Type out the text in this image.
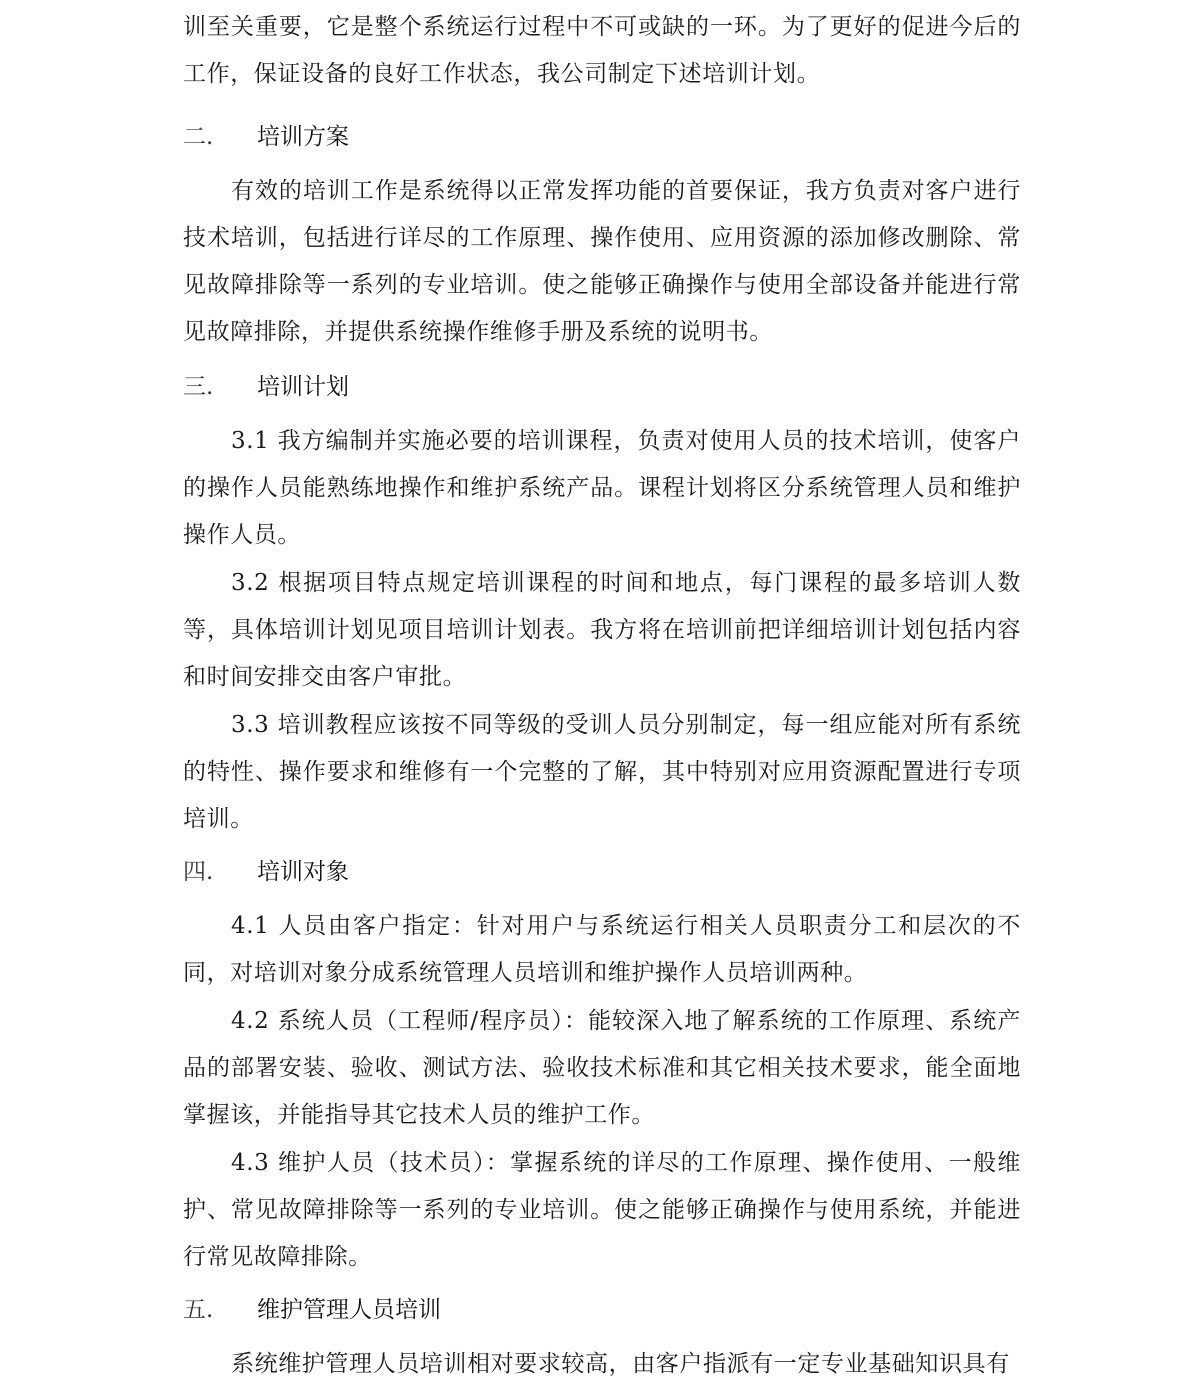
训至关重要，它是整个系统运行过程中不可或缺的一环。为了更好的促进今后的工作，保证设备的良好工作状态，我公司制定下述培训计划。

二. 培训方案

有效的培训工作是系统得以正常发挥功能的首要保证，我方负责对客户进行技术培训，包括进行详尽的工作原理、操作使用、应用资源的添加修改删除、常见故障排除等一系列的专业培训。使之能够正确操作与使用全部设备并能进行常见故障排除，并提供系统操作维修手册及系统的说明书。

三. 培训计划

3.1 我方编制并实施必要的培训课程，负责对使用人员的技术培训，使客户的操作人员能熟练地操作和维护系统产品。课程计划将区分系统管理人员和维护操作人员。

3.2 根据项目特点规定培训课程的时间和地点，每门课程的最多培训人数等，具体培训计划见项目培训计划表。我方将在培训前把详细培训计划包括内容和时间安排交由客户审批。

3.3 培训教程应该按不同等级的受训人员分别制定，每一组应能对所有系统的特性、操作要求和维修有一个完整的了解，其中特别对应用资源配置进行专项培训。

四. 培训对象

4.1 人员由客户指定：针对用户与系统运行相关人员职责分工和层次的不同，对培训对象分成系统管理人员培训和维护操作人员培训两种。

4.2 系统人员（工程师/程序员）：能较深入地了解系统的工作原理、系统产品的部署安装、验收、测试方法、验收技术标准和其它相关技术要求，能全面地掌握该，并能指导其它技术人员的维护工作。

4.3 维护人员（技术员）：掌握系统的详尽的工作原理、操作使用、一般维护、常见故障排除等一系列的专业培训。使之能够正确操作与使用系统，并能进行常见故障排除。

五. 维护管理人员培训

系统维护管理人员培训相对要求较高，由客户指派有一定专业基础知识具有
